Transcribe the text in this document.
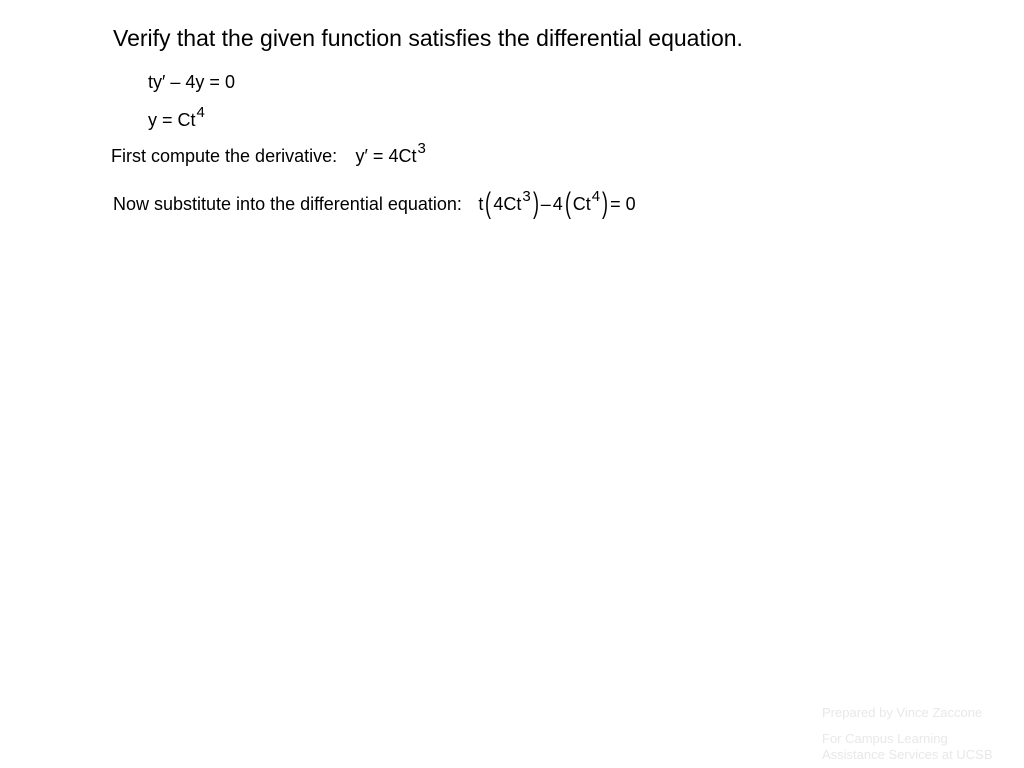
Verify that the given function satisfies the differential equation.
ty′ – 4y = 0
$y = Ct^4$
First compute the derivative: $y' = 4Ct^3$
Now substitute into the differential equation: t( 4Ct$^3$) – 4( $Ct^4) = 0$
Prepared by Vince Zaccone
For Campus Learning
Assistance Services at UCSB
